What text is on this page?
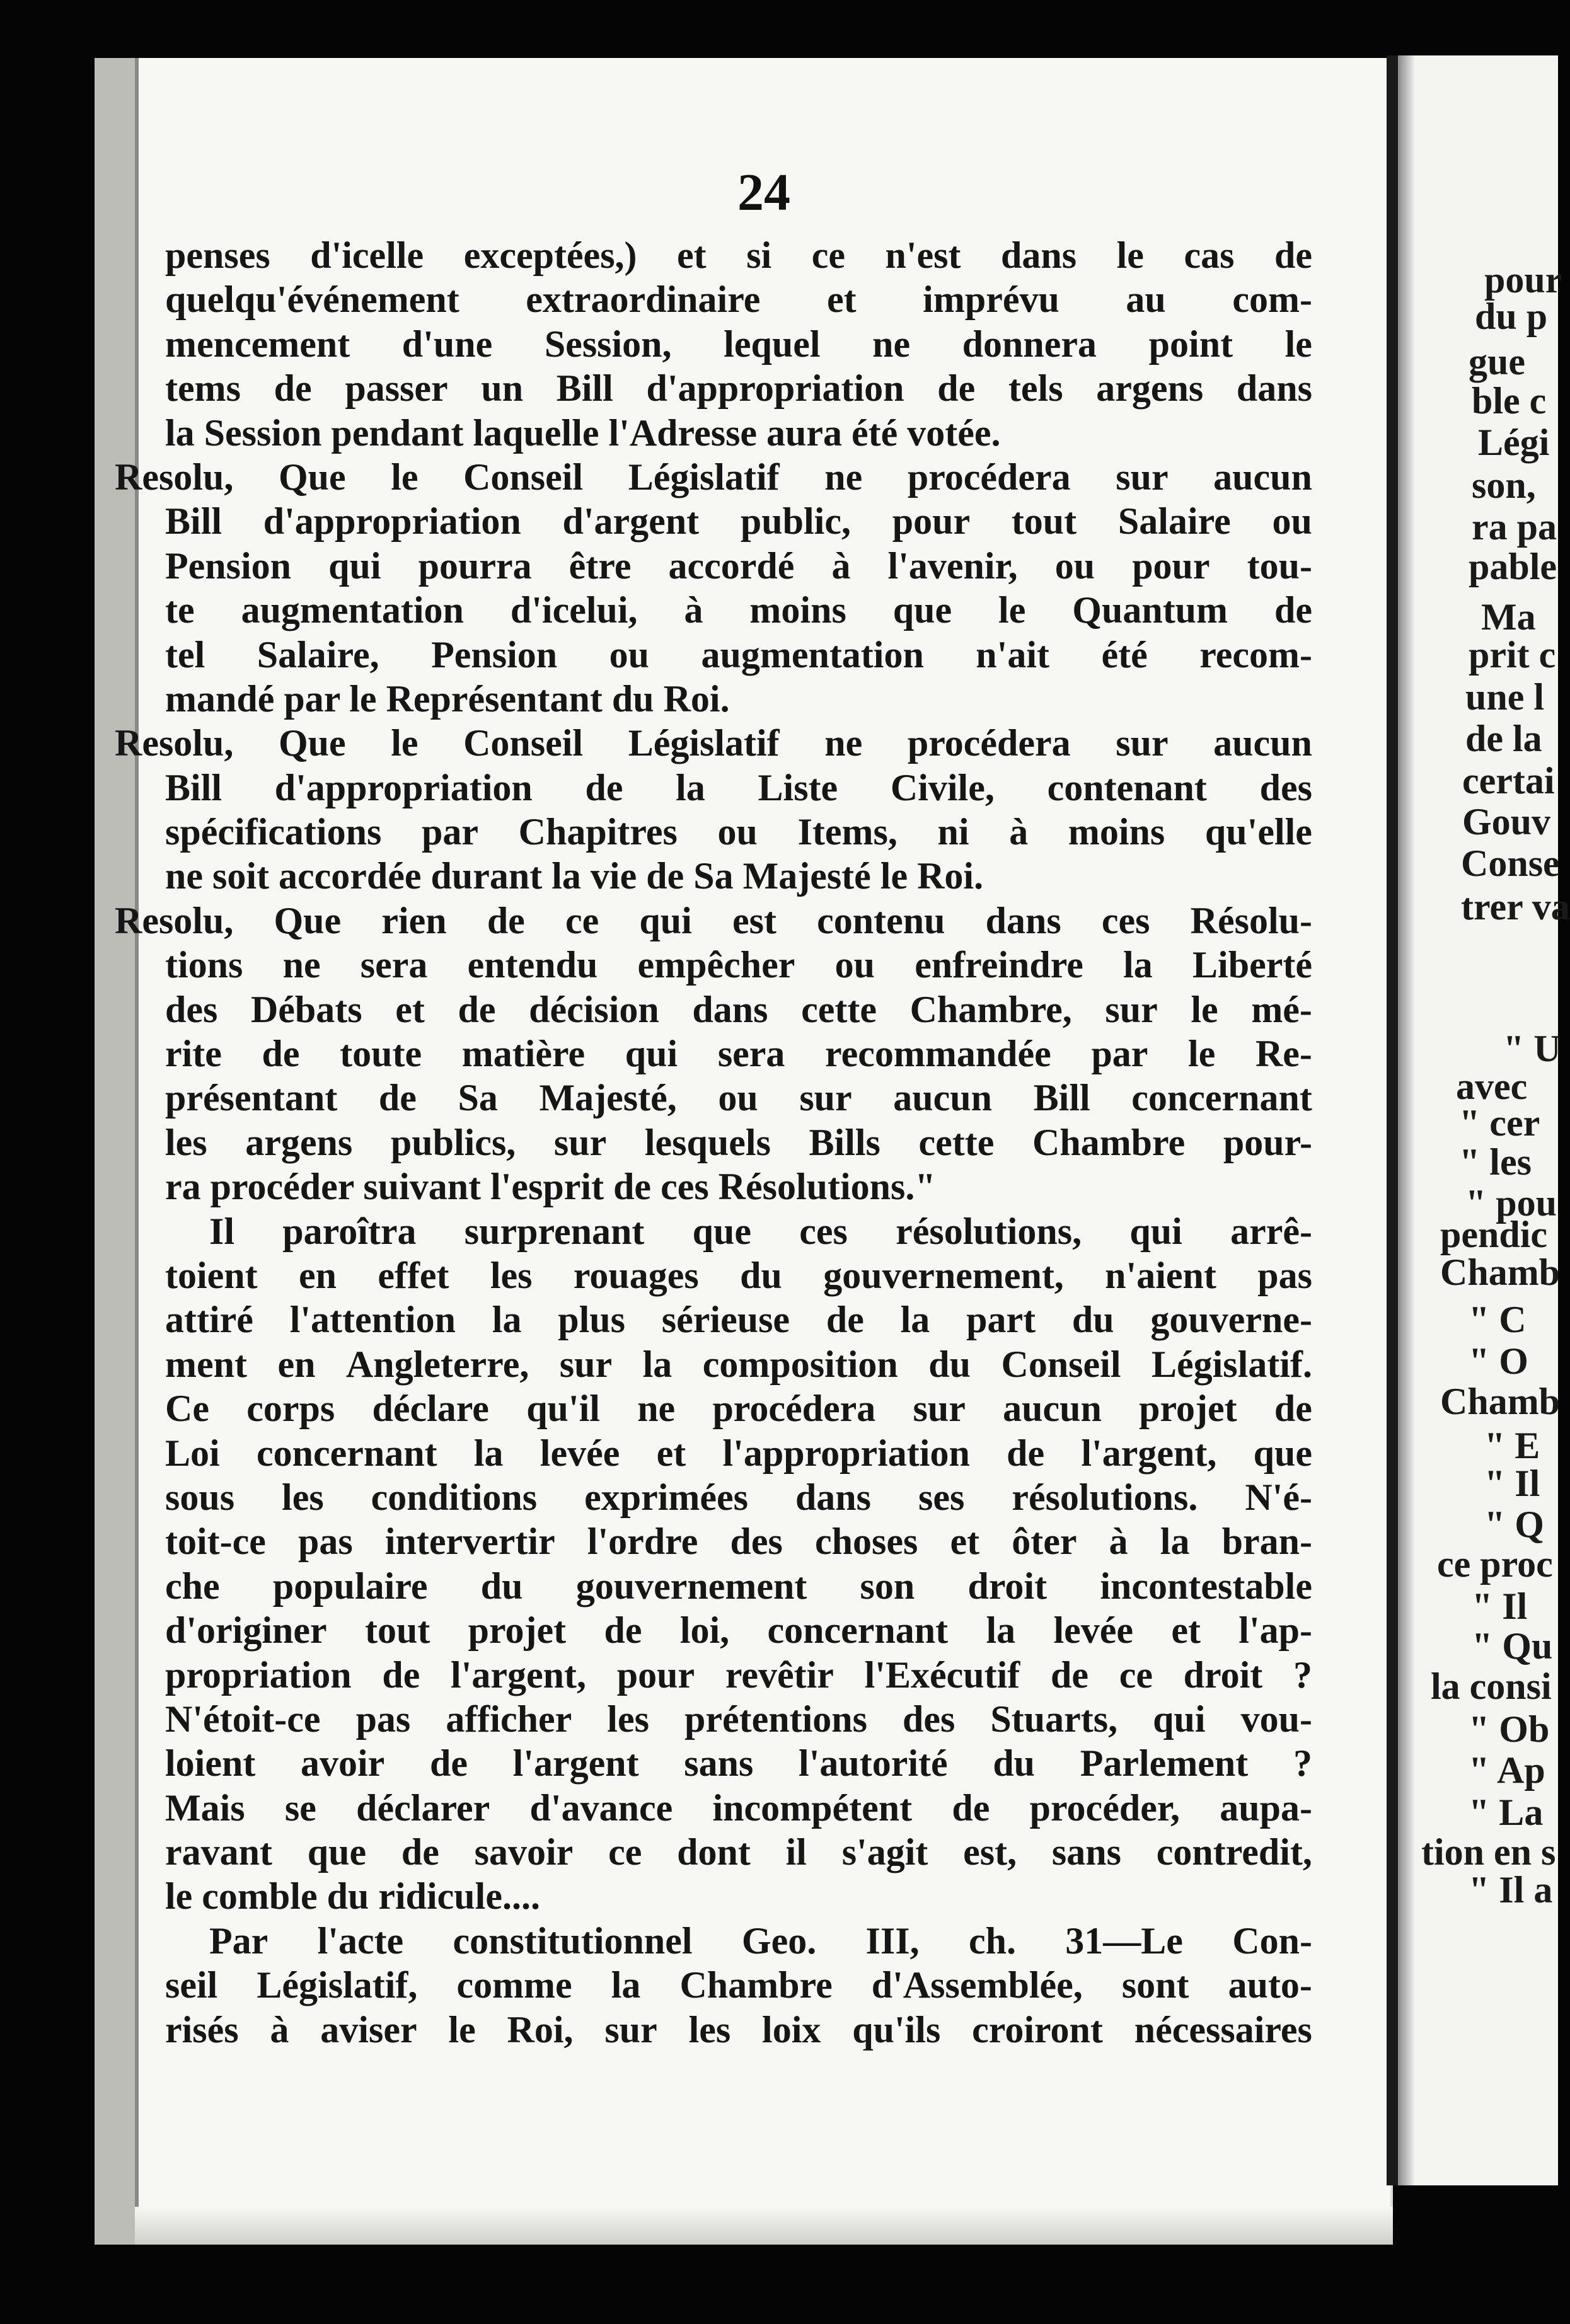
24
penses d'icelle exceptées,) et si ce n'est dans le cas de
quelqu'événement extraordinaire et imprévu au com-
mencement d'une Session, lequel ne donnera point le
tems de passer un Bill d'appropriation de tels argens dans
la Session pendant laquelle l'Adresse aura été votée.
Resolu, Que le Conseil Législatif ne procédera sur aucun
Bill d'appropriation d'argent public, pour tout Salaire ou
Pension qui pourra être accordé à l'avenir, ou pour tou-
te augmentation d'icelui, à moins que le Quantum de
tel Salaire, Pension ou augmentation n'ait été recom-
mandé par le Représentant du Roi.
Resolu, Que le Conseil Législatif ne procédera sur aucun
Bill d'appropriation de la Liste Civile, contenant des
spécifications par Chapitres ou Items, ni à moins qu'elle
ne soit accordée durant la vie de Sa Majesté le Roi.
Resolu, Que rien de ce qui est contenu dans ces Résolu-
tions ne sera entendu empêcher ou enfreindre la Liberté
des Débats et de décision dans cette Chambre, sur le mé-
rite de toute matière qui sera recommandée par le Re-
présentant de Sa Majesté, ou sur aucun Bill concernant
les argens publics, sur lesquels Bills cette Chambre pour-
ra procéder suivant l'esprit de ces Résolutions."
Il paroîtra surprenant que ces résolutions, qui arrê-
toient en effet les rouages du gouvernement, n'aient pas
attiré l'attention la plus sérieuse de la part du gouverne-
ment en Angleterre, sur la composition du Conseil Législatif.
Ce corps déclare qu'il ne procédera sur aucun projet de
Loi concernant la levée et l'appropriation de l'argent, que
sous les conditions exprimées dans ses résolutions. N'é-
toit-ce pas intervertir l'ordre des choses et ôter à la bran-
che populaire du gouvernement son droit incontestable
d'originer tout projet de loi, concernant la levée et l'ap-
propriation de l'argent, pour revêtir l'Exécutif de ce droit ?
N'étoit-ce pas afficher les prétentions des Stuarts, qui vou-
loient avoir de l'argent sans l'autorité du Parlement ?
Mais se déclarer d'avance incompétent de procéder, aupa-
ravant que de savoir ce dont il s'agit est, sans contredit,
le comble du ridicule....
Par l'acte constitutionnel Geo. III, ch. 31—Le Con-
seil Législatif, comme la Chambre d'Assemblée, sont auto-
risés à aviser le Roi, sur les loix qu'ils croiront nécessaires
pour
du p
gue
ble c
Légi
son,
ra pa
pable
Ma
prit c
une l
de la
certai
Gouv
Conse
trer va
" U
avec
" cer
" les
" pou
pendic
Chamb
" C
" O
Chamb
" E
" Il
" Q
ce proc
" Il
" Qu
la consi
" Ob
" Ap
" La
tion en s
" Il a
